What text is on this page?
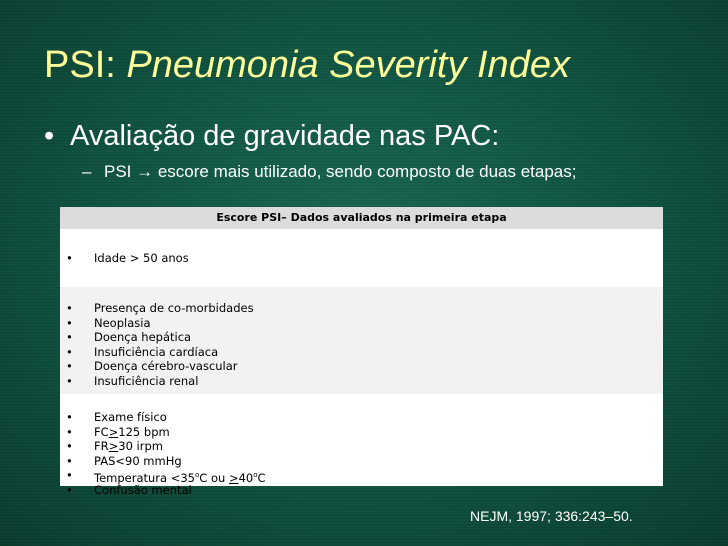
PSI: Pneumonia Severity Index
• Avaliação de gravidade nas PAC:
– PSI → escore mais utilizado, sendo composto de duas etapas;
Escore PSI– Dados avaliados na primeira etapa
•	Idade > 50 anos
•	Presença de co-morbidades
•	Neoplasia
•	Doença hepática
•	Insuficiência cardíaca
•	Doença cérebro-vascular
•	Insuficiência renal
•	Exame físico
•	FC≥125 bpm
•	FR≥30 irpm
•	PAS<90 mmHg
•	Temperatura $<35^oC$ ou $\ge 40^oC$
•	Confusão mental
NEJM, 1997; 336:243–50.
